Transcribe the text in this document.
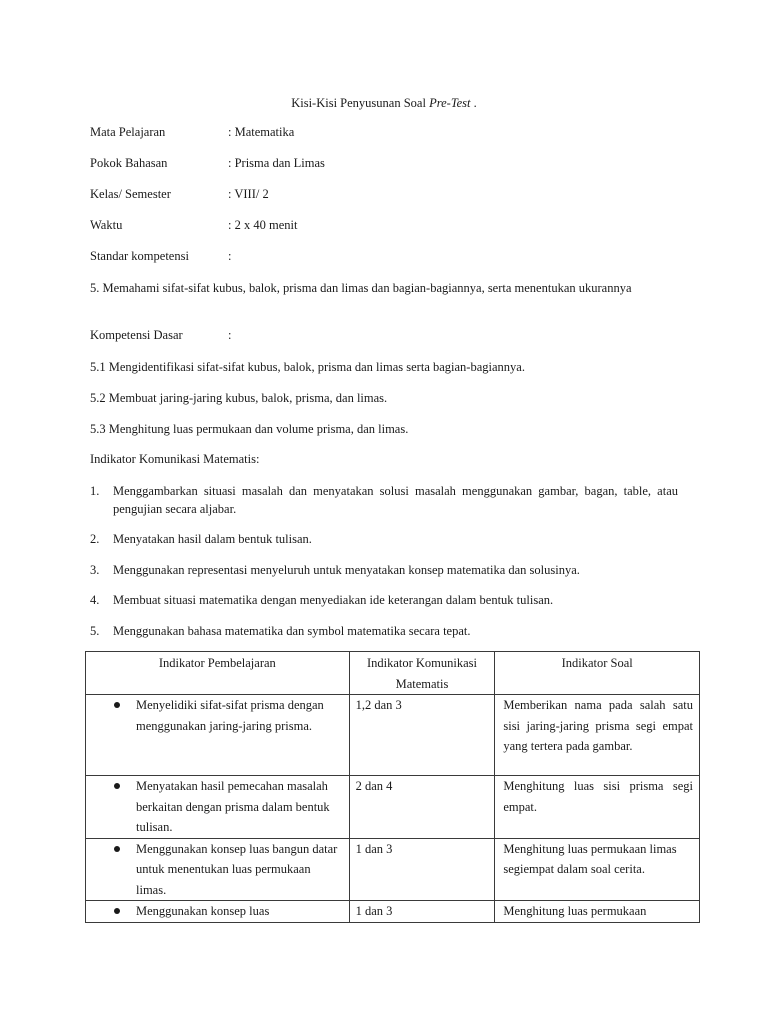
Kisi-Kisi Penyusunan Soal Pre-Test .
Mata Pelajaran	: Matematika
Pokok Bahasan	: Prisma dan Limas
Kelas/ Semester	: VIII/ 2
Waktu	: 2 x 40 menit
Standar kompetensi	:
5. Memahami sifat-sifat kubus, balok, prisma dan limas dan bagian-bagiannya, serta menentukan ukurannya
Kompetensi Dasar	:
5.1 Mengidentifikasi sifat-sifat kubus, balok, prisma dan limas serta bagian-bagiannya.
5.2 Membuat jaring-jaring kubus, balok, prisma, dan limas.
5.3 Menghitung luas permukaan dan volume prisma, dan limas.
Indikator Komunikasi Matematis:
1.	Menggambarkan situasi masalah dan menyatakan solusi masalah menggunakan gambar, bagan, table, atau pengujian secara aljabar.
2.	Menyatakan hasil dalam bentuk tulisan.
3.	Menggunakan representasi menyeluruh untuk menyatakan konsep matematika dan solusinya.
4.	Membuat situasi matematika dengan menyediakan ide keterangan dalam bentuk tulisan.
5.	Menggunakan bahasa matematika dan symbol matematika secara tepat.
Indikator Pembelajaran	Indikator Komunikasi Matematis	Indikator Soal

Menyelidiki sifat-sifat prisma dengan menggunakan jaring-jaring prisma.	1,2 dan 3	Memberikan nama pada salah satu sisi jaring-jaring prisma segi empat yang tertera pada gambar.

Menyatakan hasil pemecahan masalah berkaitan dengan prisma dalam bentuk tulisan.	2 dan 4	Menghitung luas sisi prisma segi empat.

Menggunakan konsep luas bangun datar untuk menentukan luas permukaan limas.	1 dan 3	Menghitung luas permukaan limas segiempat dalam soal cerita.

Menggunakan konsep luas	1 dan 3	Menghitung luas permukaan
